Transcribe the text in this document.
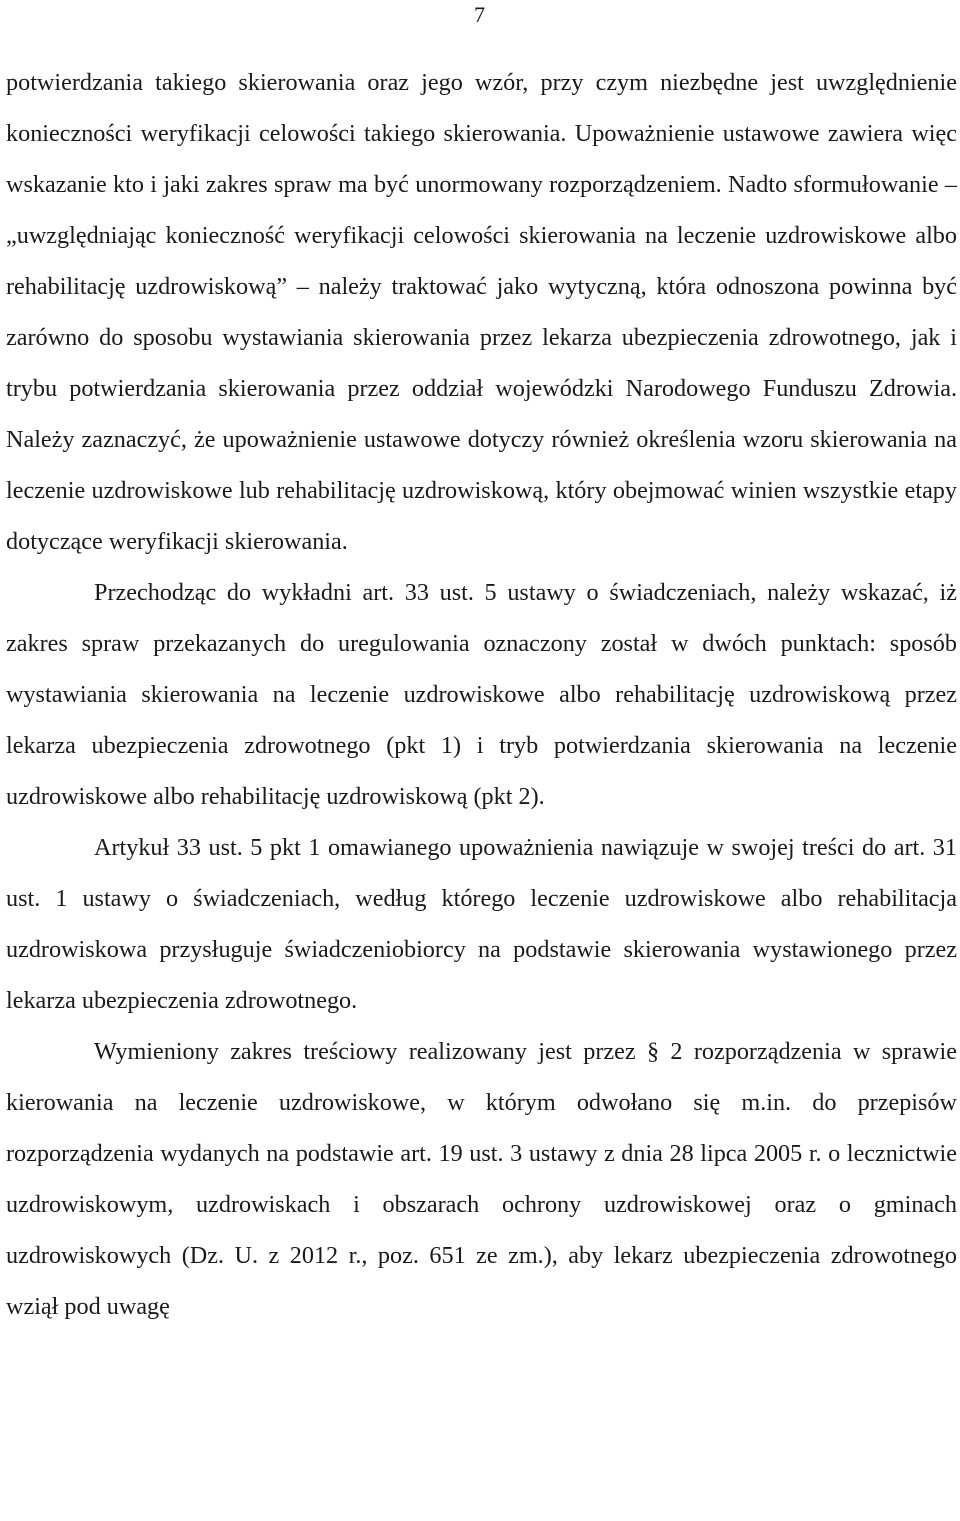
7

potwierdzania takiego skierowania oraz jego wzór, przy czym niezbędne jest uwzględnienie konieczności weryfikacji celowości takiego skierowania. Upoważnienie ustawowe zawiera więc wskazanie kto i jaki zakres spraw ma być unormowany rozporządzeniem. Nadto sformułowanie – „uwzględniając konieczność weryfikacji celowości skierowania na leczenie uzdrowiskowe albo rehabilitację uzdrowiskową” – należy traktować jako wytyczną, która odnoszona powinna być zarówno do sposobu wystawiania skierowania przez lekarza ubezpieczenia zdrowotnego, jak i trybu potwierdzania skierowania przez oddział wojewódzki Narodowego Funduszu Zdrowia. Należy zaznaczyć, że upoważnienie ustawowe dotyczy również określenia wzoru skierowania na leczenie uzdrowiskowe lub rehabilitację uzdrowiskową, który obejmować winien wszystkie etapy dotyczące weryfikacji skierowania.

Przechodząc do wykładni art. 33 ust. 5 ustawy o świadczeniach, należy wskazać, iż zakres spraw przekazanych do uregulowania oznaczony został w dwóch punktach: sposób wystawiania skierowania na leczenie uzdrowiskowe albo rehabilitację uzdrowiskową przez lekarza ubezpieczenia zdrowotnego (pkt 1) i tryb potwierdzania skierowania na leczenie uzdrowiskowe albo rehabilitację uzdrowiskową (pkt 2).

Artykuł 33 ust. 5 pkt 1 omawianego upoważnienia nawiązuje w swojej treści do art. 31 ust. 1 ustawy o świadczeniach, według którego leczenie uzdrowiskowe albo rehabilitacja uzdrowiskowa przysługuje świadczeniobiorcy na podstawie skierowania wystawionego przez lekarza ubezpieczenia zdrowotnego.

Wymieniony zakres treściowy realizowany jest przez § 2 rozporządzenia w sprawie kierowania na leczenie uzdrowiskowe, w którym odwołano się m.in. do przepisów rozporządzenia wydanych na podstawie art. 19 ust. 3 ustawy z dnia 28 lipca 2005 r. o lecznictwie uzdrowiskowym, uzdrowiskach i obszarach ochrony uzdrowiskowej oraz o gminach uzdrowiskowych (Dz. U. z 2012 r., poz. 651 ze zm.), aby lekarz ubezpieczenia zdrowotnego wziął pod uwagę
